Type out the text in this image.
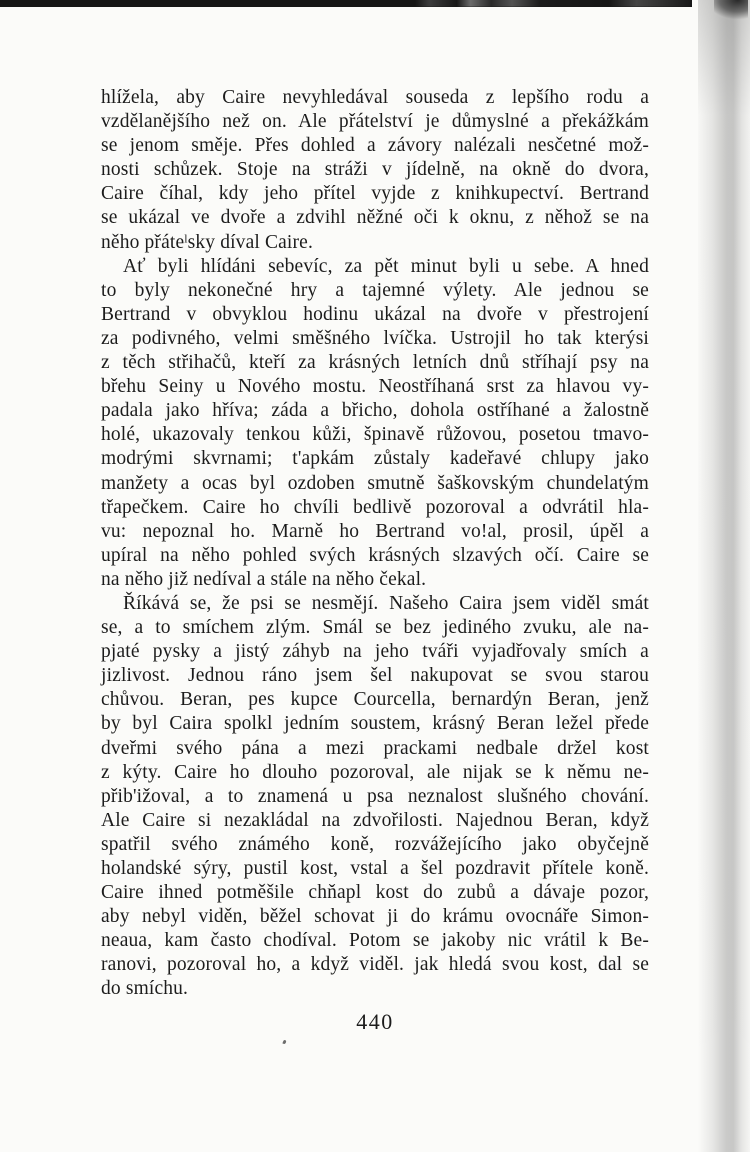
hlížela, aby Caire nevyhledával souseda z lepšího rodu a
vzdělanějšího než on. Ale přátelství je důmyslné a překážkám
se jenom směje. Přes dohled a závory nalézali nesčetné mož-
nosti schůzek. Stoje na stráži v jídelně, na okně do dvora,
Caire číhal, kdy jeho přítel vyjde z knihkupectví. Bertrand
se ukázal ve dvoře a zdvihl něžné oči k oknu, z něhož se na
něho přáteˡsky díval Caire.
Ať byli hlídáni sebevíc, za pět minut byli u sebe. A hned
to byly nekonečné hry a tajemné výlety. Ale jednou se
Bertrand v obvyklou hodinu ukázal na dvoře v přestrojení
za podivného, velmi směšného lvíčka. Ustrojil ho tak kterýsi
z těch střihačů, kteří za krásných letních dnů stříhají psy na
břehu Seiny u Nového mostu. Neostříhaná srst za hlavou vy-
padala jako hříva; záda a břicho, dohola ostříhané a žalostně
holé, ukazovaly tenkou kůži, špinavě růžovou, posetou tmavo-
modrými skvrnami; t'apkám zůstaly kadeřavé chlupy jako
manžety a ocas byl ozdoben smutně šaškovským chundelatým
třapečkem. Caire ho chvíli bedlivě pozoroval a odvrátil hla-
vu: nepoznal ho. Marně ho Bertrand vo!al, prosil, úpěl a
upíral na něho pohled svých krásných slzavých očí. Caire se
na něho již nedíval a stále na něho čekal.
Říkává se, že psi se nesmějí. Našeho Caira jsem viděl smát
se, a to smíchem zlým. Smál se bez jediného zvuku, ale na-
pjaté pysky a jistý záhyb na jeho tváři vyjadřovaly smích a
jizlivost. Jednou ráno jsem šel nakupovat se svou starou
chůvou. Beran, pes kupce Courcella, bernardýn Beran, jenž
by byl Caira spolkl jedním soustem, krásný Beran ležel přede
dveřmi svého pána a mezi prackami nedbale držel kost
z kýty. Caire ho dlouho pozoroval, ale nijak se k němu ne-
přib'ižoval, a to znamená u psa neznalost slušného chování.
Ale Caire si nezakládal na zdvořilosti. Najednou Beran, když
spatřil svého známého koně, rozvážejícího jako obyčejně
holandské sýry, pustil kost, vstal a šel pozdravit přítele koně.
Caire ihned potměšile chňapl kost do zubů a dávaje pozor,
aby nebyl viděn, běžel schovat ji do krámu ovocnáře Simon-
neaua, kam často chodíval. Potom se jakoby nic vrátil k Be-
ranovi, pozoroval ho, a když viděl. jak hledá svou kost, dal se
do smíchu.
440
